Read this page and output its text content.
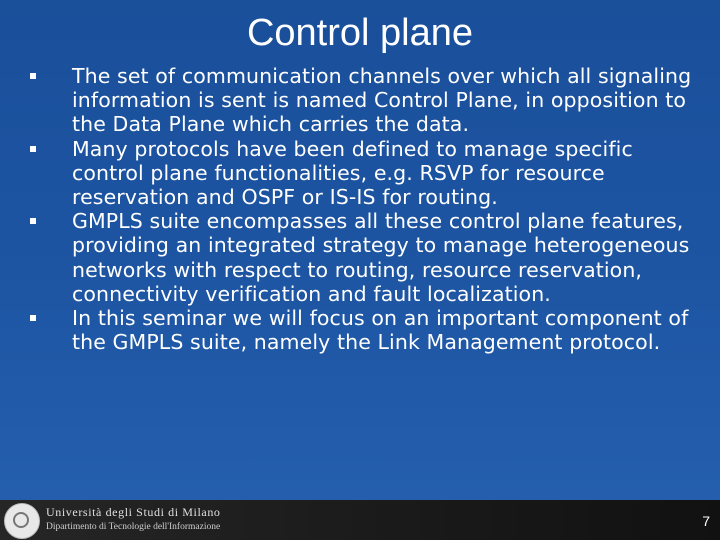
Control plane
The set of communication channels over which all signaling information is sent is named Control Plane, in opposition to the Data Plane which carries the data.
Many protocols have been defined to manage specific control plane functionalities, e.g. RSVP for resource reservation and OSPF or IS-IS for routing.
GMPLS suite encompasses all these control plane features, providing an integrated strategy to manage heterogeneous networks with respect to routing, resource reservation, connectivity verification and fault localization.
In this seminar we will focus on an important component of the GMPLS suite, namely the Link Management protocol.
Università degli Studi di Milano
Dipartimento di Tecnologie dell'Informazione	7
